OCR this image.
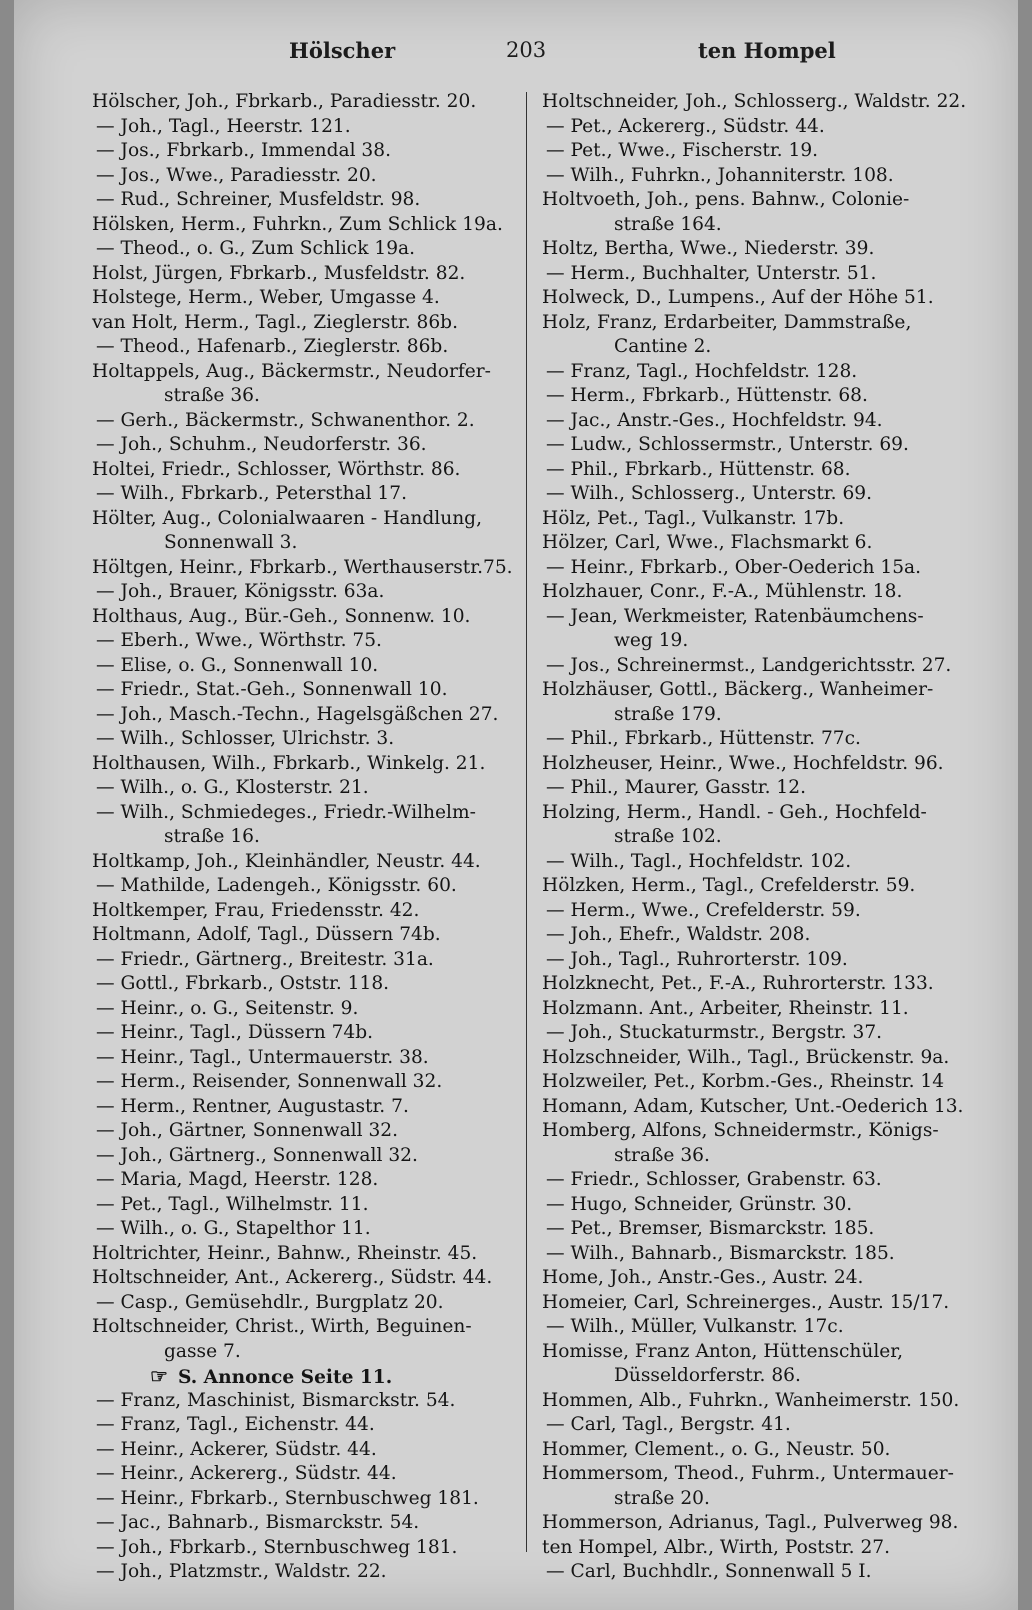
Hölscher	203	ten Hompel
Hölscher, Joh., Fbrkarb., Paradiesstr. 20.
— Joh., Tagl., Heerstr. 121.
— Jos., Fbrkarb., Immendal 38.
— Jos., Wwe., Paradiesstr. 20.
— Rud., Schreiner, Musfeldstr. 98.
Hölsken, Herm., Fuhrkn., Zum Schlick 19a.
— Theod., o. G., Zum Schlick 19a.
Holst, Jürgen, Fbrkarb., Musfeldstr. 82.
Holstege, Herm., Weber, Umgasse 4.
van Holt, Herm., Tagl., Zieglerstr. 86b.
— Theod., Hafenarb., Zieglerstr. 86b.
Holtappels, Aug., Bäckermstr., Neudorfer-
straße 36.
— Gerh., Bäckermstr., Schwanenthor. 2.
— Joh., Schuhm., Neudorferstr. 36.
Holtei, Friedr., Schlosser, Wörthstr. 86.
— Wilh., Fbrkarb., Petersthal 17.
Hölter, Aug., Colonialwaaren - Handlung,
Sonnenwall 3.
Höltgen, Heinr., Fbrkarb., Werthauserstr.75.
— Joh., Brauer, Königsstr. 63a.
Holthaus, Aug., Bür.-Geh., Sonnenw. 10.
— Eberh., Wwe., Wörthstr. 75.
— Elise, o. G., Sonnenwall 10.
— Friedr., Stat.-Geh., Sonnenwall 10.
— Joh., Masch.-Techn., Hagelsgäßchen 27.
— Wilh., Schlosser, Ulrichstr. 3.
Holthausen, Wilh., Fbrkarb., Winkelg. 21.
— Wilh., o. G., Klosterstr. 21.
— Wilh., Schmiedeges., Friedr.-Wilhelm-
straße 16.
Holtkamp, Joh., Kleinhändler, Neustr. 44.
— Mathilde, Ladengeh., Königsstr. 60.
Holtkemper, Frau, Friedensstr. 42.
Holtmann, Adolf, Tagl., Düssern 74b.
— Friedr., Gärtnerg., Breitestr. 31a.
— Gottl., Fbrkarb., Oststr. 118.
— Heinr., o. G., Seitenstr. 9.
— Heinr., Tagl., Düssern 74b.
— Heinr., Tagl., Untermauerstr. 38.
— Herm., Reisender, Sonnenwall 32.
— Herm., Rentner, Augustastr. 7.
— Joh., Gärtner, Sonnenwall 32.
— Joh., Gärtnerg., Sonnenwall 32.
— Maria, Magd, Heerstr. 128.
— Pet., Tagl., Wilhelmstr. 11.
— Wilh., o. G., Stapelthor 11.
Holtrichter, Heinr., Bahnw., Rheinstr. 45.
Holtschneider, Ant., Ackererg., Südstr. 44.
— Casp., Gemüsehdlr., Burgplatz 20.
Holtschneider, Christ., Wirth, Beguinen-
gasse 7.
☞ S. Annonce Seite 11.
— Franz, Maschinist, Bismarckstr. 54.
— Franz, Tagl., Eichenstr. 44.
— Heinr., Ackerer, Südstr. 44.
— Heinr., Ackererg., Südstr. 44.
— Heinr., Fbrkarb., Sternbuschweg 181.
— Jac., Bahnarb., Bismarckstr. 54.
— Joh., Fbrkarb., Sternbuschweg 181.
— Joh., Platzmstr., Waldstr. 22.
Holtschneider, Joh., Schlosserg., Waldstr. 22.
— Pet., Ackererg., Südstr. 44.
— Pet., Wwe., Fischerstr. 19.
— Wilh., Fuhrkn., Johanniterstr. 108.
Holtvoeth, Joh., pens. Bahnw., Colonie-
straße 164.
Holtz, Bertha, Wwe., Niederstr. 39.
— Herm., Buchhalter, Unterstr. 51.
Holweck, D., Lumpens., Auf der Höhe 51.
Holz, Franz, Erdarbeiter, Dammstraße,
Cantine 2.
— Franz, Tagl., Hochfeldstr. 128.
— Herm., Fbrkarb., Hüttenstr. 68.
— Jac., Anstr.-Ges., Hochfeldstr. 94.
— Ludw., Schlossermstr., Unterstr. 69.
— Phil., Fbrkarb., Hüttenstr. 68.
— Wilh., Schlosserg., Unterstr. 69.
Hölz, Pet., Tagl., Vulkanstr. 17b.
Hölzer, Carl, Wwe., Flachsmarkt 6.
— Heinr., Fbrkarb., Ober-Oederich 15a.
Holzhauer, Conr., F.-A., Mühlenstr. 18.
— Jean, Werkmeister, Ratenbäumchens-
weg 19.
— Jos., Schreinermst., Landgerichtsstr. 27.
Holzhäuser, Gottl., Bäckerg., Wanheimer-
straße 179.
— Phil., Fbrkarb., Hüttenstr. 77c.
Holzheuser, Heinr., Wwe., Hochfeldstr. 96.
— Phil., Maurer, Gasstr. 12.
Holzing, Herm., Handl. - Geh., Hochfeld-
straße 102.
— Wilh., Tagl., Hochfeldstr. 102.
Hölzken, Herm., Tagl., Crefelderstr. 59.
— Herm., Wwe., Crefelderstr. 59.
— Joh., Ehefr., Waldstr. 208.
— Joh., Tagl., Ruhrorterstr. 109.
Holzknecht, Pet., F.-A., Ruhrorterstr. 133.
Holzmann. Ant., Arbeiter, Rheinstr. 11.
— Joh., Stuckaturmstr., Bergstr. 37.
Holzschneider, Wilh., Tagl., Brückenstr. 9a.
Holzweiler, Pet., Korbm.-Ges., Rheinstr. 14
Homann, Adam, Kutscher, Unt.-Oederich 13.
Homberg, Alfons, Schneidermstr., Königs-
straße 36.
— Friedr., Schlosser, Grabenstr. 63.
— Hugo, Schneider, Grünstr. 30.
— Pet., Bremser, Bismarckstr. 185.
— Wilh., Bahnarb., Bismarckstr. 185.
Home, Joh., Anstr.-Ges., Austr. 24.
Homeier, Carl, Schreinerges., Austr. 15/17.
— Wilh., Müller, Vulkanstr. 17c.
Homisse, Franz Anton, Hüttenschüler,
Düsseldorferstr. 86.
Hommen, Alb., Fuhrkn., Wanheimerstr. 150.
— Carl, Tagl., Bergstr. 41.
Hommer, Clement., o. G., Neustr. 50.
Hommersom, Theod., Fuhrm., Untermauer-
straße 20.
Hommerson, Adrianus, Tagl., Pulverweg 98.
ten Hompel, Albr., Wirth, Poststr. 27.
— Carl, Buchhdlr., Sonnenwall 5 I.
